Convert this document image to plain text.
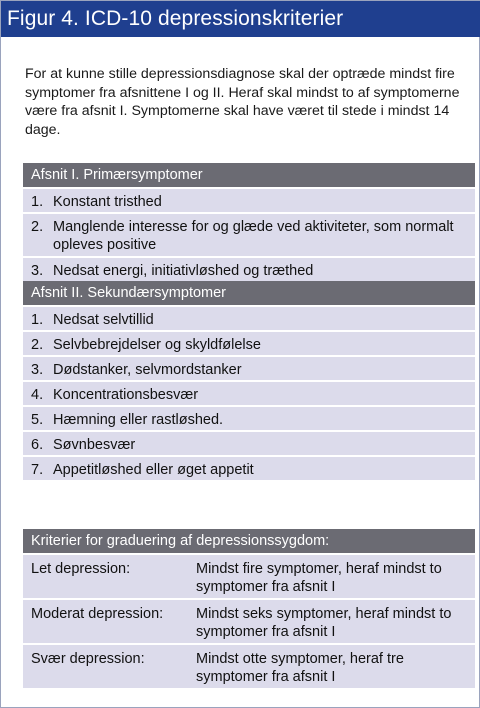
Figur 4. ICD-10 depressionskriterier

For at kunne stille depressionsdiagnose skal der optræde mindst fire symptomer fra afsnittene I og II. Heraf skal mindst to af symptomerne være fra afsnit I. Symptomerne skal have været til stede i mindst 14 dage.

Afsnit I. Primærsymptomer
1. Konstant tristhed
2. Manglende interesse for og glæde ved aktiviteter, som normalt opleves positive
3. Nedsat energi, initiativløshed og træthed
Afsnit II. Sekundærsymptomer
1. Nedsat selvtillid
2. Selvbebrejdelser og skyldfølelse
3. Dødstanker, selvmordstanker
4. Koncentrationsbesvær
5. Hæmning eller rastløshed.
6. Søvnbesvær
7. Appetitløshed eller øget appetit
Kriterier for graduering af depressionssygdom:
Let depression:	Mindst fire symptomer, heraf mindst to symptomer fra afsnit I
Moderat depression:	Mindst seks symptomer, heraf mindst to symptomer fra afsnit I
Svær depression:	Mindst otte symptomer, heraf tre symptomer fra afsnit I
